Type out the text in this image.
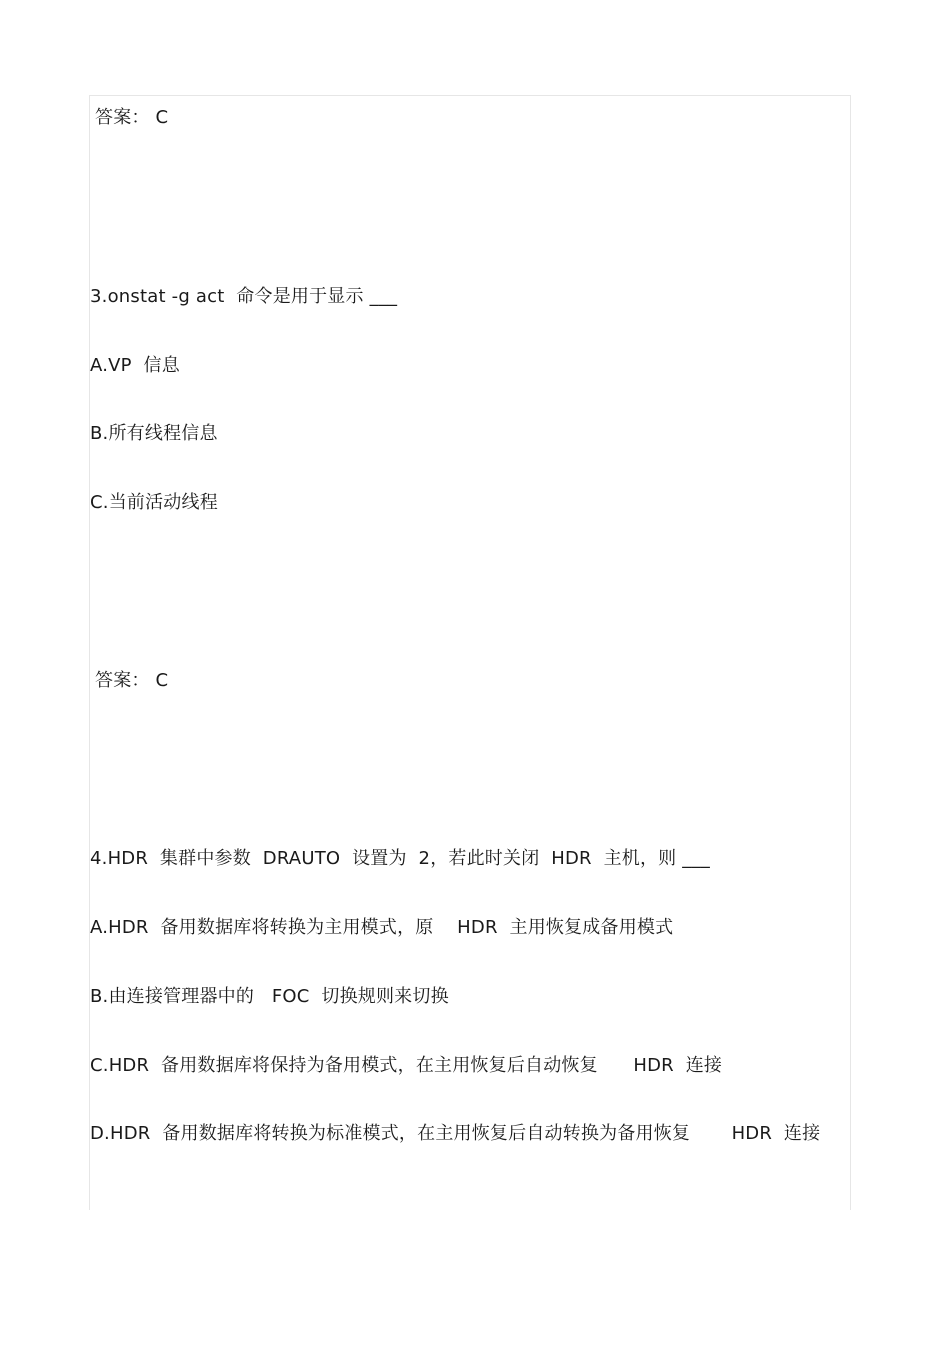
答案： C
3.onstat -g act  命令是用于显示 ___
A.VP  信息
B.所有线程信息
C.当前活动线程
答案： C
4.HDR  集群中参数  DRAUTO  设置为  2，若此时关闭  HDR  主机，则 ___
A.HDR  备用数据库将转换为主用模式，原    HDR  主用恢复成备用模式
B.由连接管理器中的   FOC  切换规则来切换
C.HDR  备用数据库将保持为备用模式，在主用恢复后自动恢复      HDR  连接
D.HDR  备用数据库将转换为标准模式，在主用恢复后自动转换为备用恢复       HDR  连接
